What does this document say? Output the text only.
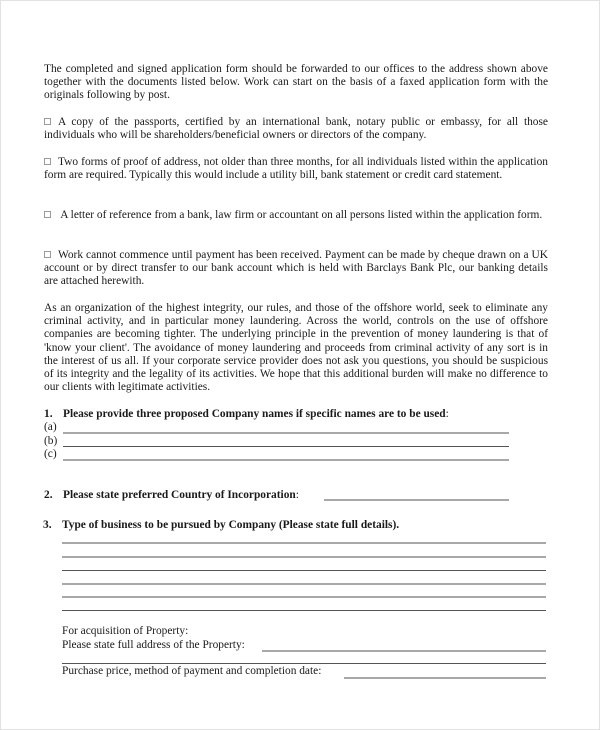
The completed and signed application form should be forwarded to our offices to the address shown above together with the documents listed below. Work can start on the basis of a faxed application form with the originals following by post.

A copy of the passports, certified by an international bank, notary public or embassy, for all those individuals who will be shareholders/beneficial owners or directors of the company.

Two forms of proof of address, not older than three months, for all individuals listed within the application form are required. Typically this would include a utility bill, bank statement or credit card statement.

A letter of reference from a bank, law firm or accountant on all persons listed within the application form.

Work cannot commence until payment has been received. Payment can be made by cheque drawn on a UK account or by direct transfer to our bank account which is held with Barclays Bank Plc, our banking details are attached herewith.

As an organization of the highest integrity, our rules, and those of the offshore world, seek to eliminate any criminal activity, and in particular money laundering. Across the world, controls on the use of offshore companies are becoming tighter. The underlying principle in the prevention of money laundering is that of 'know your client'. The avoidance of money laundering and proceeds from criminal activity of any sort is in the interest of us all. If your corporate service provider does not ask you questions, you should be suspicious of its integrity and the legality of its activities. We hope that this additional burden will make no difference to our clients with legitimate activities.

1. Please provide three proposed Company names if specific names are to be used:

(a)
(b)
(c)

2. Please state preferred Country of Incorporation:

3. Type of business to be pursued by Company (Please state full details).

For acquisition of Property:

Please state full address of the Property:

Purchase price, method of payment and completion date:
